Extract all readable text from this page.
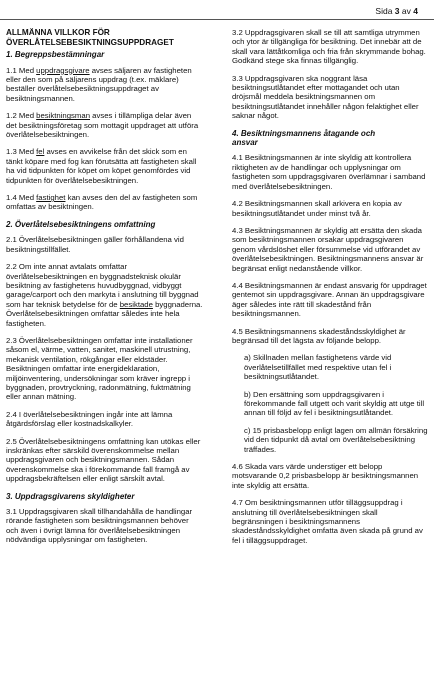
Sida 3 av 4
ALLMÄNNA VILLKOR FÖR
ÖVERLÅTELSEBESIKTNINGSUPPDRAGET
1. Begreppsbestämningar

1.1 Med uppdragsgivare avses säljaren av fastigheten eller den som på säljarens uppdrag (t.ex. mäklare) beställer överlåtelsebesiktningsuppdraget av besiktningsmannen.

1.2 Med besiktningsman avses i tillämpliga delar även det besiktningsföretag som mottagit uppdraget att utföra överlåtelsebesiktningen.

1.3 Med fel avses en avvikelse från det skick som en tänkt köpare med fog kan förutsätta att fastigheten skall ha vid tidpunkten för köpet om köpet genomfördes vid tidpunkten för överlåtelsebesiktningen.

1.4 Med fastighet kan avses den del av fastigheten som omfattas av besiktningen.

2. Överlåtelsebesiktningens omfattning

2.1 Överlåtelsebesiktningen gäller förhållandena vid besiktningstillfället.

2.2 Om inte annat avtalats omfattar överlåtelsebesiktningen en byggnadsteknisk okulär besiktning av fastighetens huvudbyggnad, vidbyggt garage/carport och den markyta i anslutning till byggnad som har teknisk betydelse för de besiktade byggnaderna. Överlåtelsebesiktningen omfattar således inte hela fastigheten.

2.3 Överlåtelsebesiktningen omfattar inte installationer såsom el, värme, vatten, sanitet, maskinell utrustning, mekanisk ventilation, rökgångar eller eldstäder. Besiktningen omfattar inte energideklaration, miljöinventering, undersökningar som kräver ingrepp i byggnaden, provtryckning, radonmätning, fuktmätning eller annan mätning.

2.4 I överlåtelsebesiktningen ingår inte att lämna åtgärdsförslag eller kostnadskalkyler.

2.5 Överlåtelsebesiktningens omfattning kan utökas eller inskränkas efter särskild överenskommelse mellan uppdragsgivaren och besiktningsmannen. Sådan överenskommelse ska i förekommande fall framgå av uppdragsbekräftelsen eller enligt särskilt avtal.

3. Uppdragsgivarens skyldigheter

3.1 Uppdragsgivaren skall tillhandahålla de handlingar rörande fastigheten som besiktningsmannen behöver och även i övrigt lämna för överlåtelsebesiktningen nödvändiga upplysningar om fastigheten.

3.2 Uppdragsgivaren skall se till att samtliga utrymmen och ytor är tillgängliga för besiktning. Det innebär att de skall vara lättåtkomliga och fria från skrymmande bohag. Godkänd stege ska finnas tillgänglig.

3.3 Uppdragsgivaren ska noggrant läsa besiktningsutlåtandet efter mottagandet och utan dröjsmål meddela besiktningsmannen om besiktningsutlåtandet innehåller någon felaktighet eller saknar något.

4. Besiktningsmannens åtagande och
ansvar

4.1 Besiktningsmannen är inte skyldig att kontrollera riktigheten av de handlingar och upplysningar om fastigheten som uppdragsgivaren överlämnar i samband med överlåtelsebesiktningen.

4.2 Besiktningsmannen skall arkivera en kopia av besiktningsutlåtandet under minst två år.

4.3 Besiktningsmannen är skyldig att ersätta den skada som besiktningsmannen orsakar uppdragsgivaren genom vårdslöshet eller försummelse vid utförandet av överlåtelsebesiktningen. Besiktningsmannens ansvar är begränsat enligt nedanstående villkor.

4.4 Besiktningsmannen är endast ansvarig för uppdraget gentemot sin uppdragsgivare. Annan än uppdragsgivare äger således inte rätt till skadestånd från besiktningsmannen.

4.5 Besiktningsmannens skadeståndsskyldighet är begränsad till det lägsta av följande belopp.

a) Skillnaden mellan fastighetens värde vid överlåtelsetillfället med respektive utan fel i besiktningsutlåtandet.

b) Den ersättning som uppdragsgivaren i förekommande fall utgett och varit skyldig att utge till annan till följd av fel i besiktningsutlåtandet.

c) 15 prisbasbelopp enligt lagen om allmän försäkring vid den tidpunkt då avtal om överlåtelsebesiktning träffades.

4.6 Skada vars värde understiger ett belopp motsvarande 0,2 prisbasbelopp är besiktningsmannen inte skyldig att ersätta.

4.7 Om besiktningsmannen utför tilläggsuppdrag i anslutning till överlåtelsebesiktningen skall begränsningen i besiktningsmannens skadeståndsskyldighet omfatta även skada på grund av fel i tilläggsuppdraget.
